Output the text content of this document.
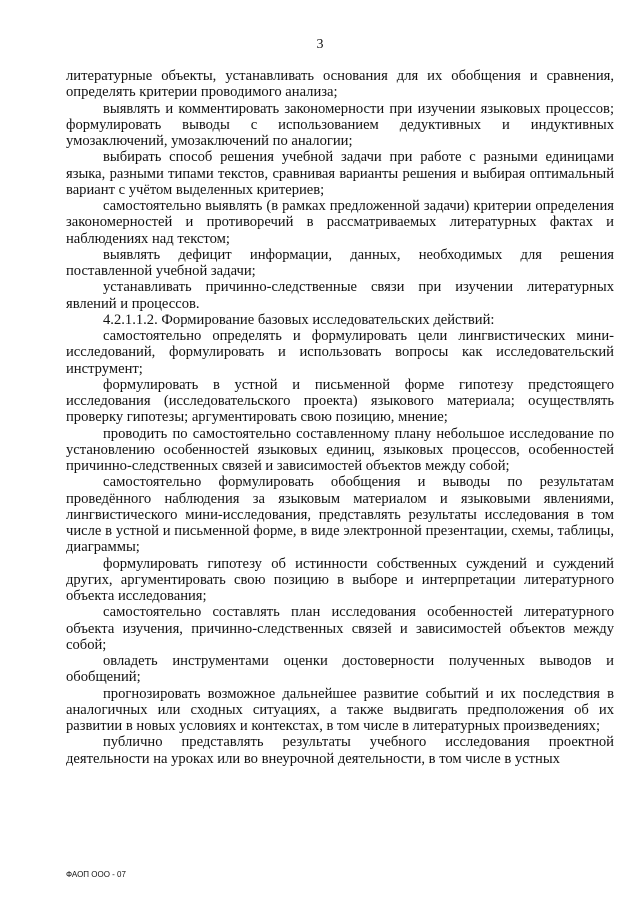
3

литературные объекты, устанавливать основания для их обобщения и сравнения, определять критерии проводимого анализа;

выявлять и комментировать закономерности при изучении языковых процессов; формулировать выводы с использованием дедуктивных и индуктивных умозаключений, умозаключений по аналогии;

выбирать способ решения учебной задачи при работе с разными единицами языка, разными типами текстов, сравнивая варианты решения и выбирая оптимальный вариант с учётом выделенных критериев;

самостоятельно выявлять (в рамках предложенной задачи) критерии определения закономерностей и противоречий в рассматриваемых литературных фактах и наблюдениях над текстом;

выявлять дефицит информации, данных, необходимых для решения поставленной учебной задачи;

устанавливать причинно-следственные связи при изучении литературных явлений и процессов.

4.2.1.1.2. Формирование базовых исследовательских действий:

самостоятельно определять и формулировать цели лингвистических мини-исследований, формулировать и использовать вопросы как исследовательский инструмент;

формулировать в устной и письменной форме гипотезу предстоящего исследования (исследовательского проекта) языкового материала; осуществлять проверку гипотезы; аргументировать свою позицию, мнение;

проводить по самостоятельно составленному плану небольшое исследование по установлению особенностей языковых единиц, языковых процессов, особенностей причинно-следственных связей и зависимостей объектов между собой;

самостоятельно формулировать обобщения и выводы по результатам проведённого наблюдения за языковым материалом и языковыми явлениями, лингвистического мини-исследования, представлять результаты исследования в том числе в устной и письменной форме, в виде электронной презентации, схемы, таблицы, диаграммы;

формулировать гипотезу об истинности собственных суждений и суждений других, аргументировать свою позицию в выборе и интерпретации литературного объекта исследования;

самостоятельно составлять план исследования особенностей литературного объекта изучения, причинно-следственных связей и зависимостей объектов между собой;

овладеть инструментами оценки достоверности полученных выводов и обобщений;

прогнозировать возможное дальнейшее развитие событий и их последствия в аналогичных или сходных ситуациях, а также выдвигать предположения об их развитии в новых условиях и контекстах, в том числе в литературных произведениях;

публично представлять результаты учебного исследования проектной деятельности на уроках или во внеурочной деятельности, в том числе в устных

ФАОП ООО - 07
